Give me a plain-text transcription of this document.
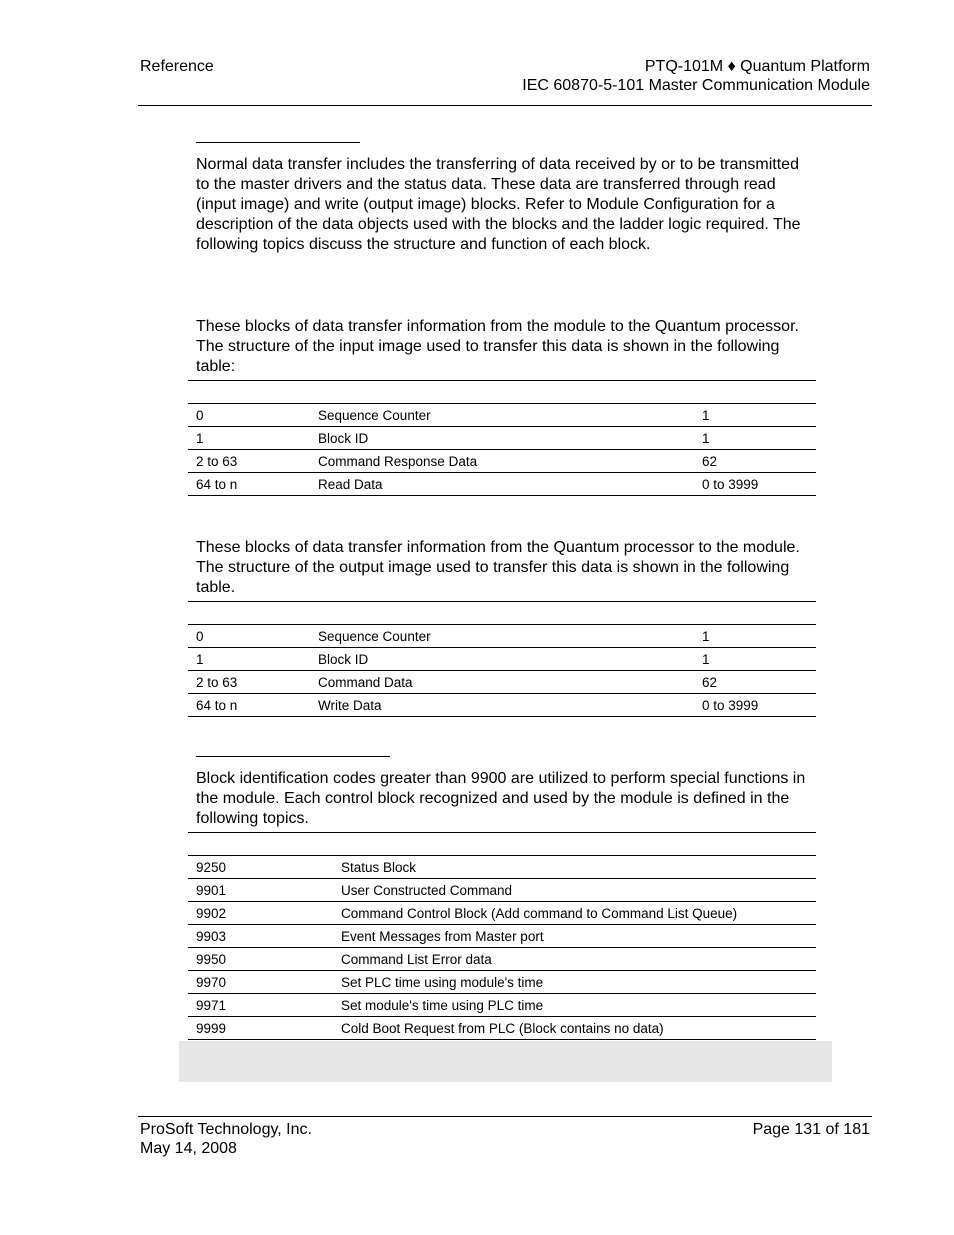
Reference	PTQ-101M ♦ Quantum Platform
IEC 60870-5-101 Master Communication Module

Normal data transfer includes the transferring of data received by or to be transmitted to the master drivers and the status data. These data are transferred through read (input image) and write (output image) blocks. Refer to Module Configuration for a description of the data objects used with the blocks and the ladder logic required. The following topics discuss the structure and function of each block.

These blocks of data transfer information from the module to the Quantum processor. The structure of the input image used to transfer this data is shown in the following table:

0	Sequence Counter	1
1	Block ID	1
2 to 63	Command Response Data	62
64 to n	Read Data	0 to 3999

These blocks of data transfer information from the Quantum processor to the module. The structure of the output image used to transfer this data is shown in the following table.

0	Sequence Counter	1
1	Block ID	1
2 to 63	Command Data	62
64 to n	Write Data	0 to 3999

Block identification codes greater than 9900 are utilized to perform special functions in the module. Each control block recognized and used by the module is defined in the following topics.

9250	Status Block
9901	User Constructed Command
9902	Command Control Block (Add command to Command List Queue)
9903	Event Messages from Master port
9950	Command List Error data
9970	Set PLC time using module's time
9971	Set module's time using PLC time
9999	Cold Boot Request from PLC (Block contains no data)
ProSoft Technology, Inc.
May 14, 2008
Page 131 of 181
